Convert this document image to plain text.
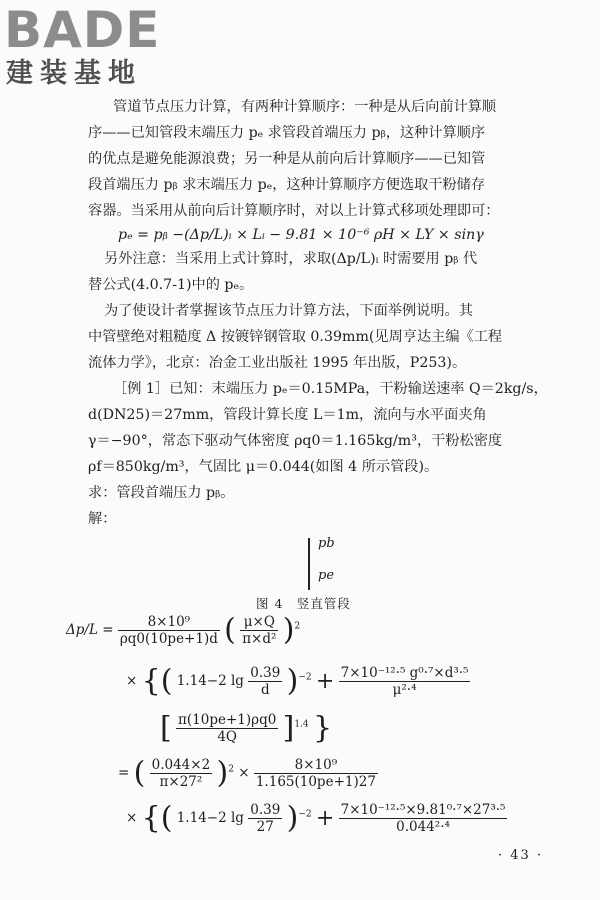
BADE
建装基地
管道节点压力计算，有两种计算顺序：一种是从后向前计算顺
序——已知管段末端压力 pₑ 求管段首端压力 pᵦ，这种计算顺序
的优点是避免能源浪费；另一种是从前向后计算顺序——已知管
段首端压力 pᵦ 求末端压力 pₑ，这种计算顺序方便选取干粉储存
容器。当采用从前向后计算顺序时，对以上计算式移项处理即可：
pₑ = pᵦ −(Δp/L)ᵢ × Lᵢ − 9.81 × 10⁻⁶ ρH × LY × sinγ
另外注意：当采用上式计算时，求取(Δp/L)ᵢ 时需要用 pᵦ 代
替公式(4.0.7-1)中的 pₑ。
为了使设计者掌握该节点压力计算方法，下面举例说明。其
中管壁绝对粗糙度 Δ 按镀锌钢管取 0.39mm(见周亨达主编《工程
流体力学》，北京：冶金工业出版社 1995 年出版，P253)。
［例 1］已知：末端压力 pₑ＝0.15MPa，干粉输送速率 Q＝2kg/s，
d(DN25)＝27mm，管段计算长度 L＝1m，流向与水平面夹角
γ＝−90°，常态下驱动气体密度 ρq0＝1.165kg/m³，干粉松密度
ρf＝850kg/m³，气固比 μ＝0.044(如图 4 所示管段)。
求：管段首端压力 pᵦ。
解：
pb
pe
图 4　竖直管段
$\Delta p/L = \frac{\text{8×10⁹}}{\rho q0(10pe+1)d}$ ( $\frac{\mu\times Q}{\text{π×d²}} )^2$
× {( 1.14−2 $\lg \frac{0.39}{d} )^{-2} + \frac{\text{7×10⁻¹²·⁵ g⁰·⁷×d³·⁵}}{\text{μ²·⁴}}$
[ $\frac{\pi(10pe+1)\rho q0}{4Q} ]^{1.4}$ }
= ( $\frac{0.044\times 2}{\text{π×27²}} )^2 \times \frac{\text{8×10⁹}}{1.165(10pe+1)27}$
× {( 1.14−2 $\lg \frac{0.39}{27} )^{-2} + \frac{\text{7×10⁻¹²·⁵×9.81⁰·⁷×27³·⁵}}{\text{0.044²·⁴}}$
· 43 ·
